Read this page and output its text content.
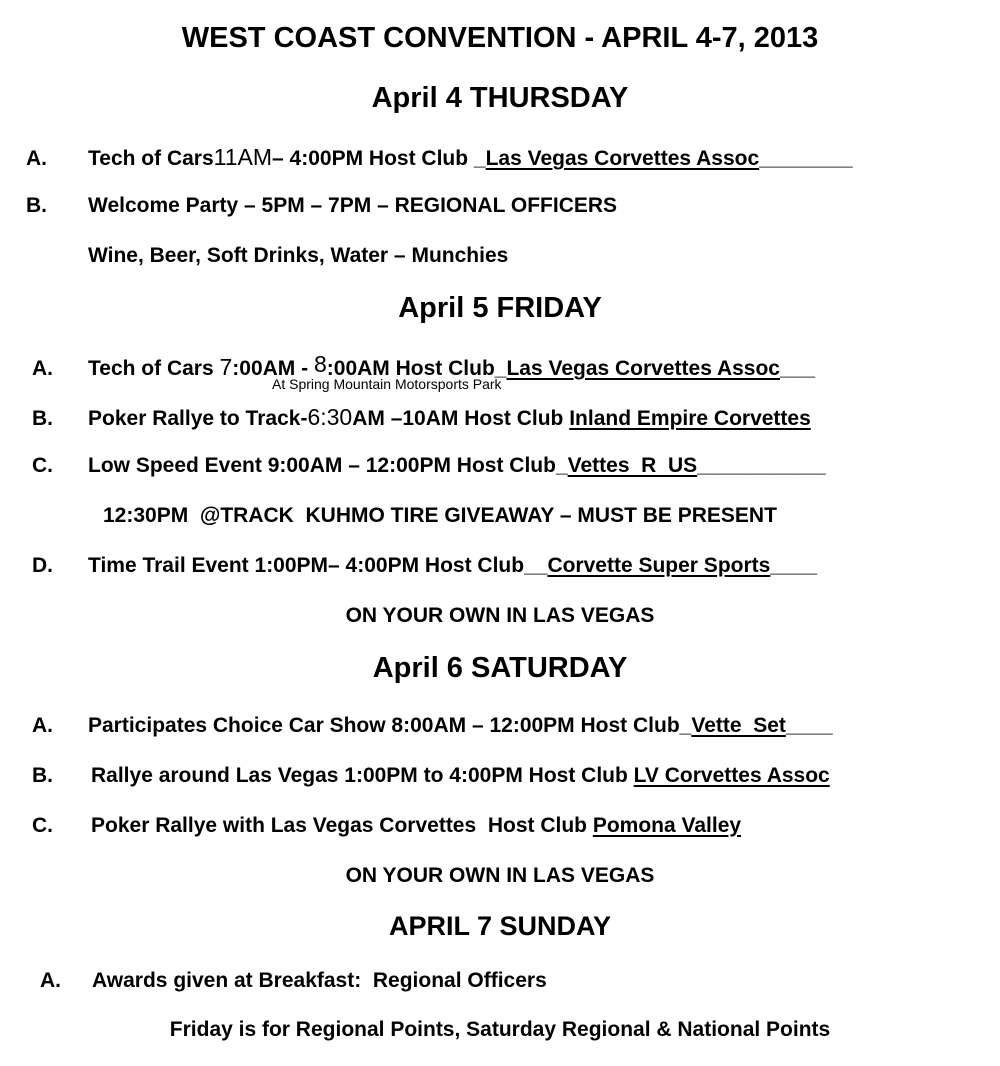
WEST COAST CONVENTION - APRIL 4-7, 2013
April 4 THURSDAY
A. Tech of Cars11AM– 4:00PM Host Club _Las Vegas Corvettes Assoc________
B. Welcome Party – 5PM – 7PM – REGIONAL OFFICERS
Wine, Beer, Soft Drinks, Water – Munchies
April 5 FRIDAY
A. Tech of Cars 7:00AM - 8:00AM Host Club_Las Vegas Corvettes Assoc___
At Spring Mountain Motorsports Park
B. Poker Rallye to Track-6:30AM –10AM Host Club Inland Empire Corvettes
C. Low Speed Event 9:00AM – 12:00PM Host Club_Vettes  R  US___________
12:30PM  @TRACK  KUHMO TIRE GIVEAWAY – MUST BE PRESENT
D. Time Trail Event 1:00PM– 4:00PM Host Club__Corvette Super Sports____
ON YOUR OWN IN LAS VEGAS
April 6 SATURDAY
A. Participates Choice Car Show 8:00AM – 12:00PM Host Club_Vette  Set____
B. Rallye around Las Vegas 1:00PM to 4:00PM Host Club LV Corvettes Assoc
C. Poker Rallye with Las Vegas Corvettes  Host Club Pomona Valley
ON YOUR OWN IN LAS VEGAS
APRIL 7 SUNDAY
A. Awards given at Breakfast:  Regional Officers
Friday is for Regional Points, Saturday Regional & National Points
